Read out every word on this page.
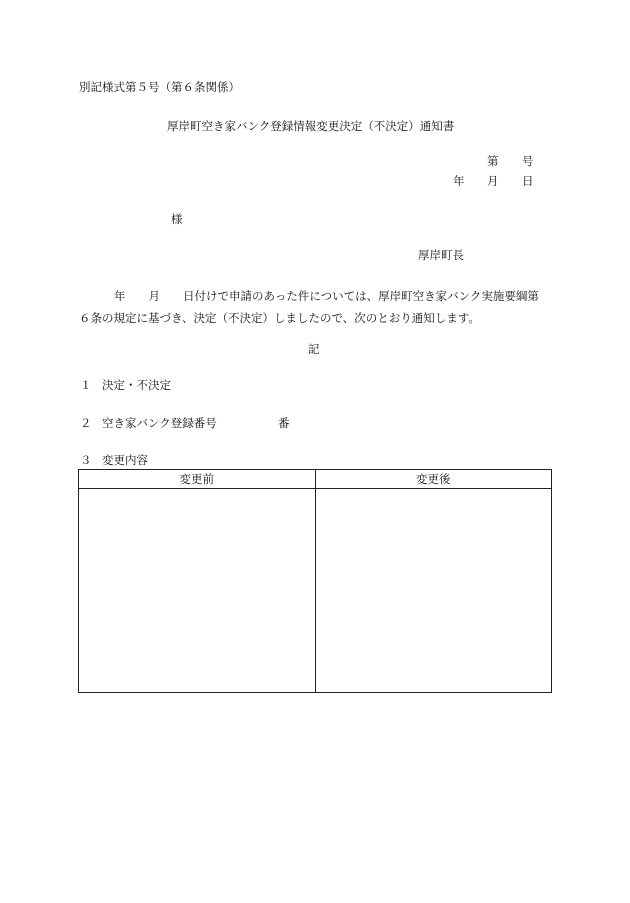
別記様式第５号（第６条関係）
厚岸町空き家バンク登録情報変更決定（不決定）通知書
第 号
年 月 日
様
厚岸町長
年 月 日付けで申請のあった件については、厚岸町空き家バンク実施要綱第
６条の規定に基づき、決定（不決定）しましたので、次のとおり通知します。
記
１ 決定・不決定
２ 空き家バンク登録番号	番
３ 変更内容
変更前	変更後
